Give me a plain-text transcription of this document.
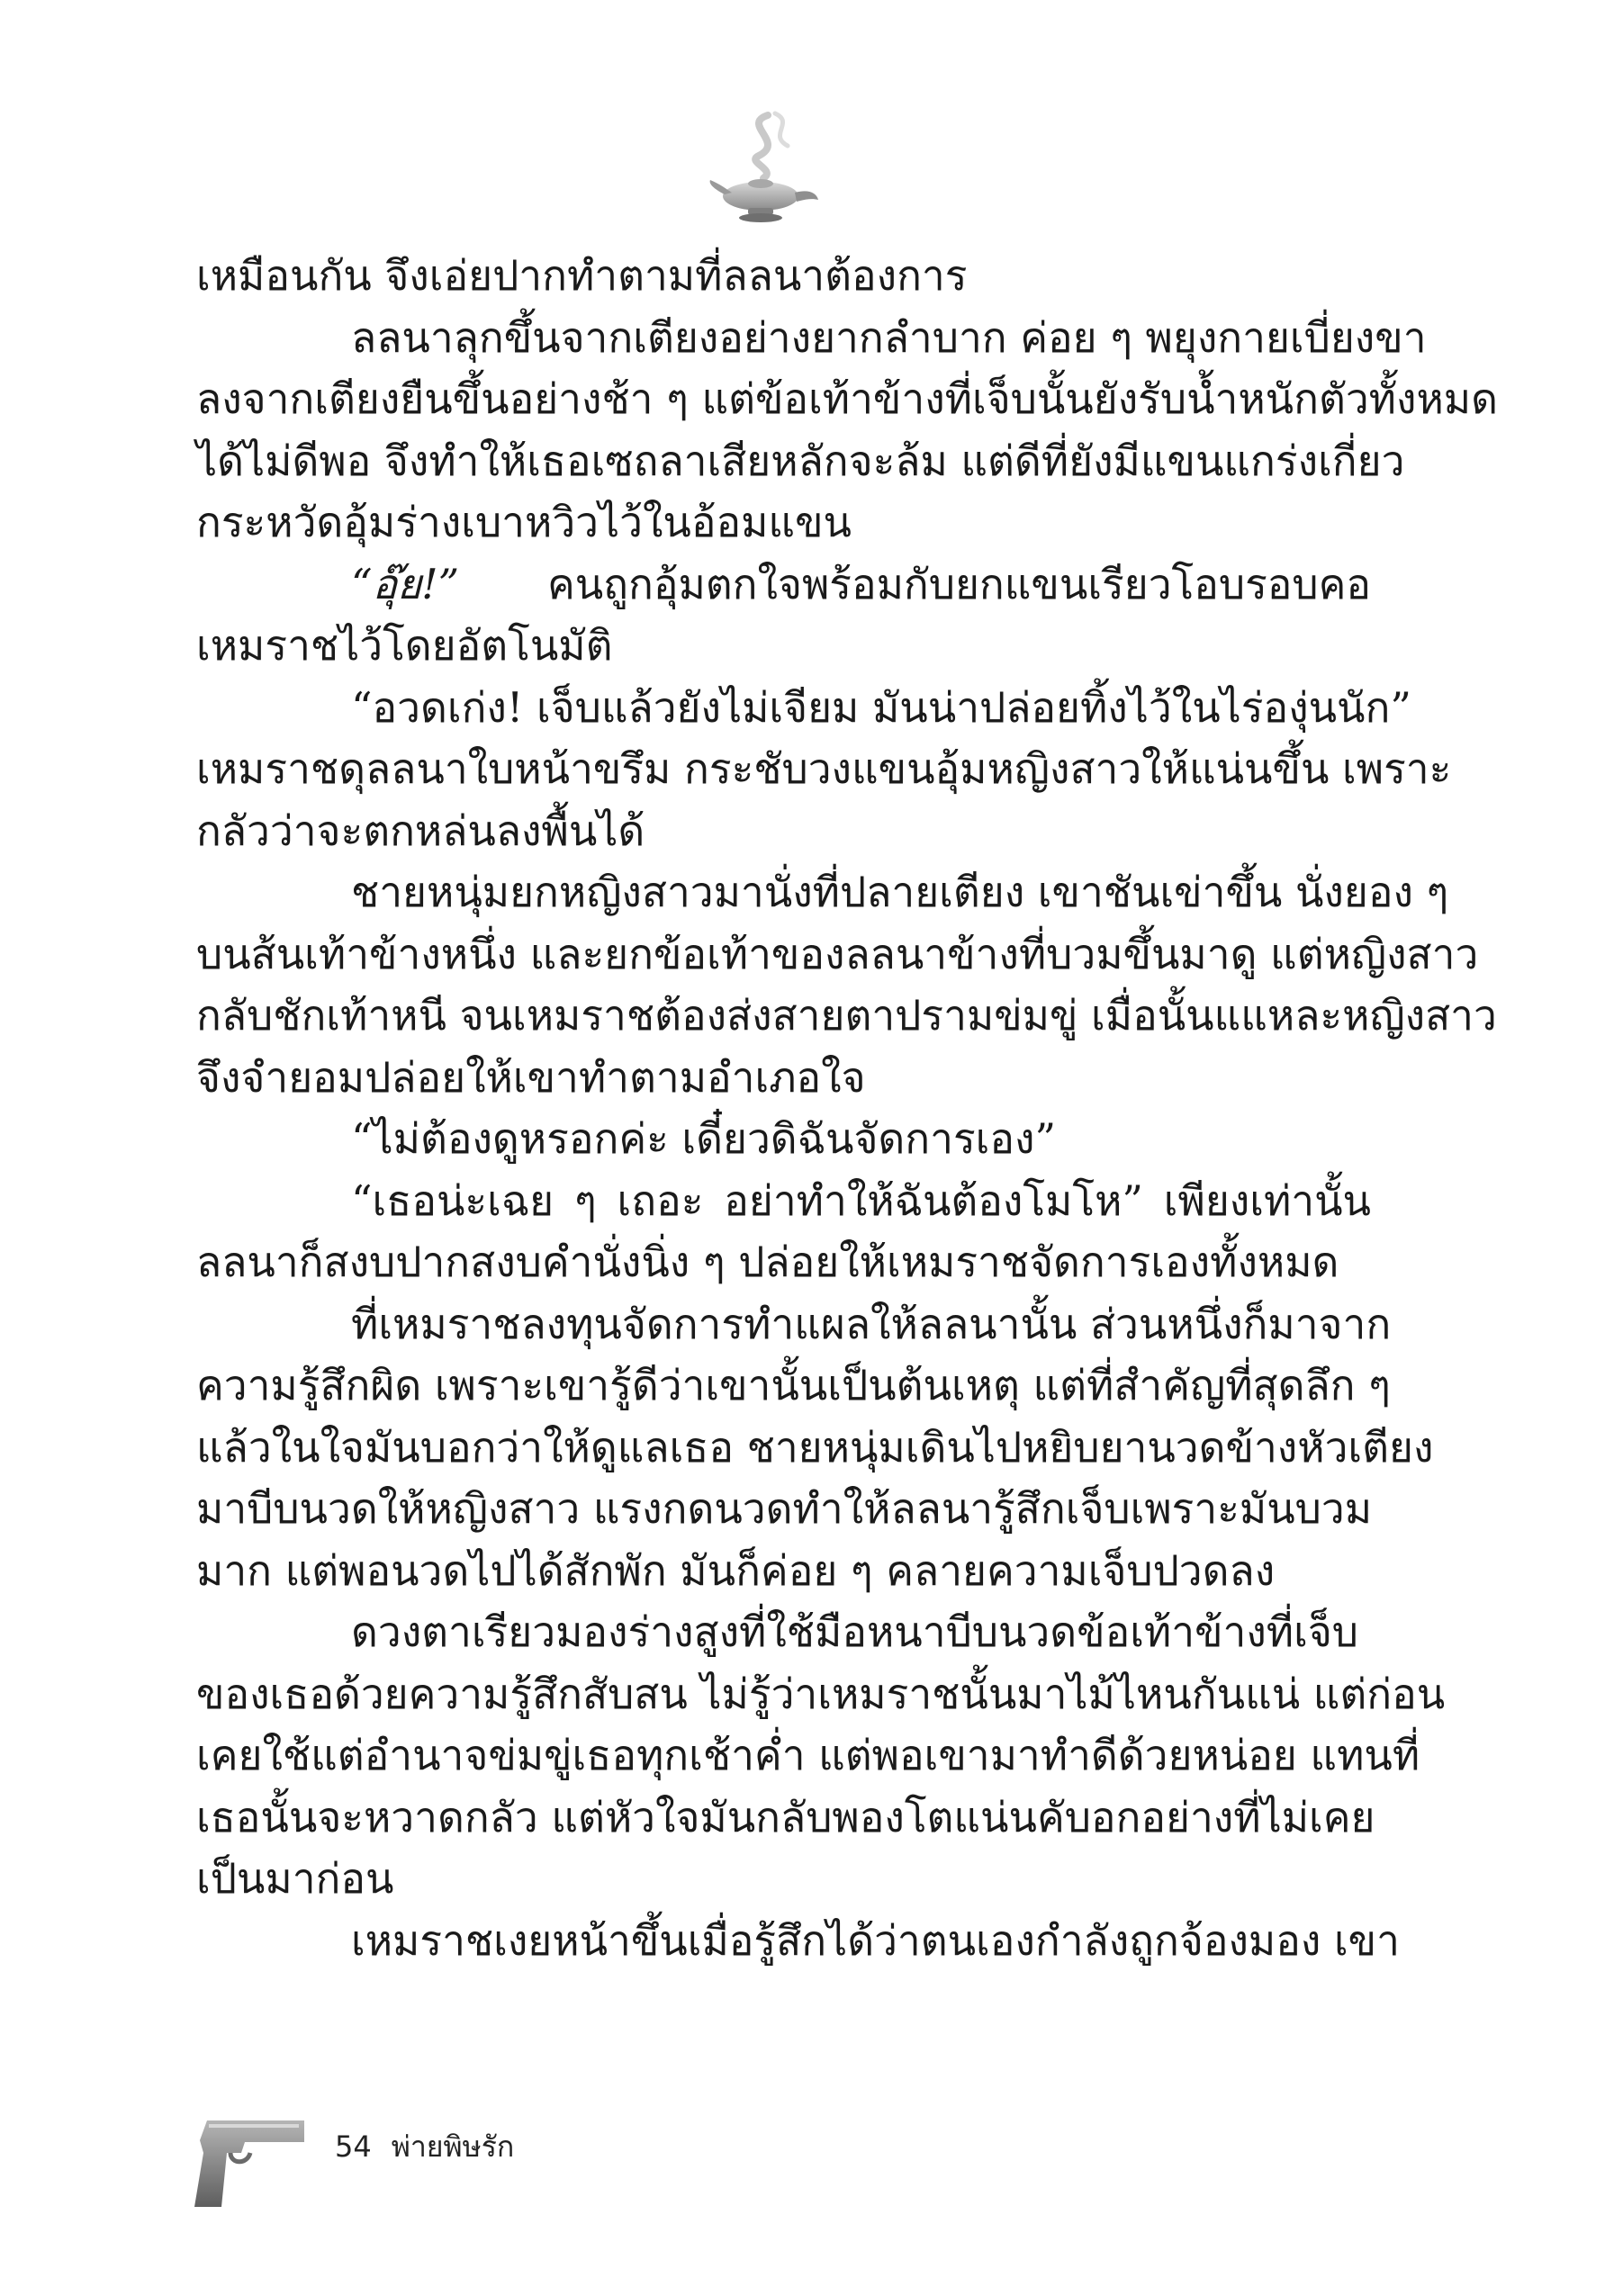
เหมือนกัน จึงเอ่ยปากทำตามที่ลลนาต้องการ
ลลนาลุกขึ้นจากเตียงอย่างยากลำบาก ค่อย ๆ พยุงกายเบี่ยงขา
ลงจากเตียงยืนขึ้นอย่างช้า ๆ แต่ข้อเท้าข้างที่เจ็บนั้นยังรับน้ำหนักตัวทั้งหมด
ได้ไม่ดีพอ จึงทำให้เธอเซถลาเสียหลักจะล้ม แต่ดีที่ยังมีแขนแกร่งเกี่ยว
กระหวัดอุ้มร่างเบาหวิวไว้ในอ้อมแขน
“อุ๊ย!” คนถูกอุ้มตกใจพร้อมกับยกแขนเรียวโอบรอบคอ
เหมราชไว้โดยอัตโนมัติ
“อวดเก่ง! เจ็บแล้วยังไม่เจียม มันน่าปล่อยทิ้งไว้ในไร่องุ่นนัก”
เหมราชดุลลนาใบหน้าขรึม กระชับวงแขนอุ้มหญิงสาวให้แน่นขึ้น เพราะ
กลัวว่าจะตกหล่นลงพื้นได้
ชายหนุ่มยกหญิงสาวมานั่งที่ปลายเตียง เขาชันเข่าขึ้น นั่งยอง ๆ
บนส้นเท้าข้างหนึ่ง และยกข้อเท้าของลลนาข้างที่บวมขึ้นมาดู แต่หญิงสาว
กลับชักเท้าหนี จนเหมราชต้องส่งสายตาปรามข่มขู่ เมื่อนั้นแแหละหญิงสาว
จึงจำยอมปล่อยให้เขาทำตามอำเภอใจ
“ไม่ต้องดูหรอกค่ะ เดี๋ยวดิฉันจัดการเอง”
“เธอน่ะเฉย ๆ เถอะ อย่าทำให้ฉันต้องโมโห” เพียงเท่านั้น
ลลนาก็สงบปากสงบคำนั่งนิ่ง ๆ ปล่อยให้เหมราชจัดการเองทั้งหมด
ที่เหมราชลงทุนจัดการทำแผลให้ลลนานั้น ส่วนหนึ่งก็มาจาก
ความรู้สึกผิด เพราะเขารู้ดีว่าเขานั้นเป็นต้นเหตุ แต่ที่สำคัญที่สุดลึก ๆ
แล้วในใจมันบอกว่าให้ดูแลเธอ ชายหนุ่มเดินไปหยิบยานวดข้างหัวเตียง
มาบีบนวดให้หญิงสาว แรงกดนวดทำให้ลลนารู้สึกเจ็บเพราะมันบวม
มาก แต่พอนวดไปได้สักพัก มันก็ค่อย ๆ คลายความเจ็บปวดลง
ดวงตาเรียวมองร่างสูงที่ใช้มือหนาบีบนวดข้อเท้าข้างที่เจ็บ
ของเธอด้วยความรู้สึกสับสน ไม่รู้ว่าเหมราชนั้นมาไม้ไหนกันแน่ แต่ก่อน
เคยใช้แต่อำนาจข่มขู่เธอทุกเช้าค่ำ แต่พอเขามาทำดีด้วยหน่อย แทนที่
เธอนั้นจะหวาดกลัว แต่หัวใจมันกลับพองโตแน่นคับอกอย่างที่ไม่เคย
เป็นมาก่อน
เหมราชเงยหน้าขึ้นเมื่อรู้สึกได้ว่าตนเองกำลังถูกจ้องมอง เขา
54 พ่ายพิษรัก
